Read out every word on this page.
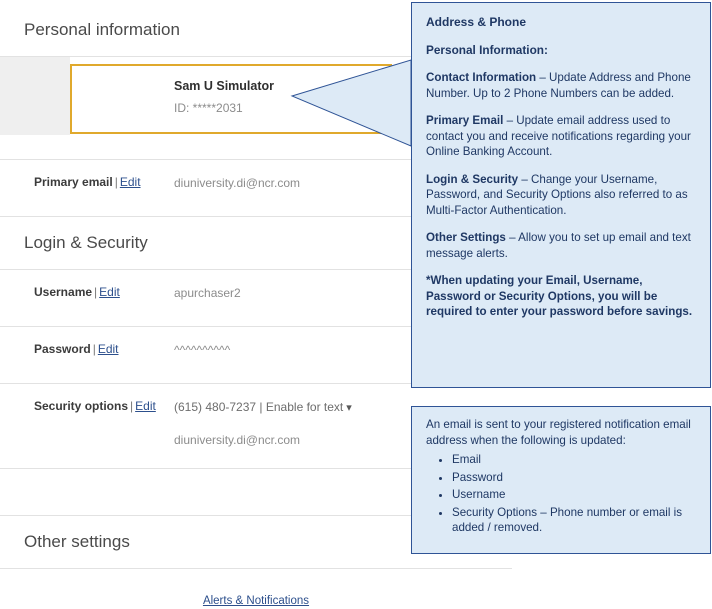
Personal information
Sam U Simulator
ID: *****2031
Primary email | Edit	diuniversity.di@ncr.com
Login & Security
Username | Edit	apurchaser2
Password | Edit	^^^^^^^^^^
Security options | Edit	(615) 480-7237 | Enable for text ▾
diuniversity.di@ncr.com
Other settings
Alerts & Notifications
Address & Phone
Personal Information:

Contact Information – Update Address and Phone Number. Up to 2 Phone Numbers can be added.

Primary Email – Update email address used to contact you and receive notifications regarding your Online Banking Account.

Login & Security – Change your Username, Password, and Security Options also referred to as Multi-Factor Authentication.

Other Settings – Allow you to set up email and text message alerts.

*When updating your Email, Username, Password or Security Options, you will be required to enter your password before savings.

An email is sent to your registered notification email address when the following is updated:

• Email
• Password
• Username
• Security Options – Phone number or email is added / removed.
